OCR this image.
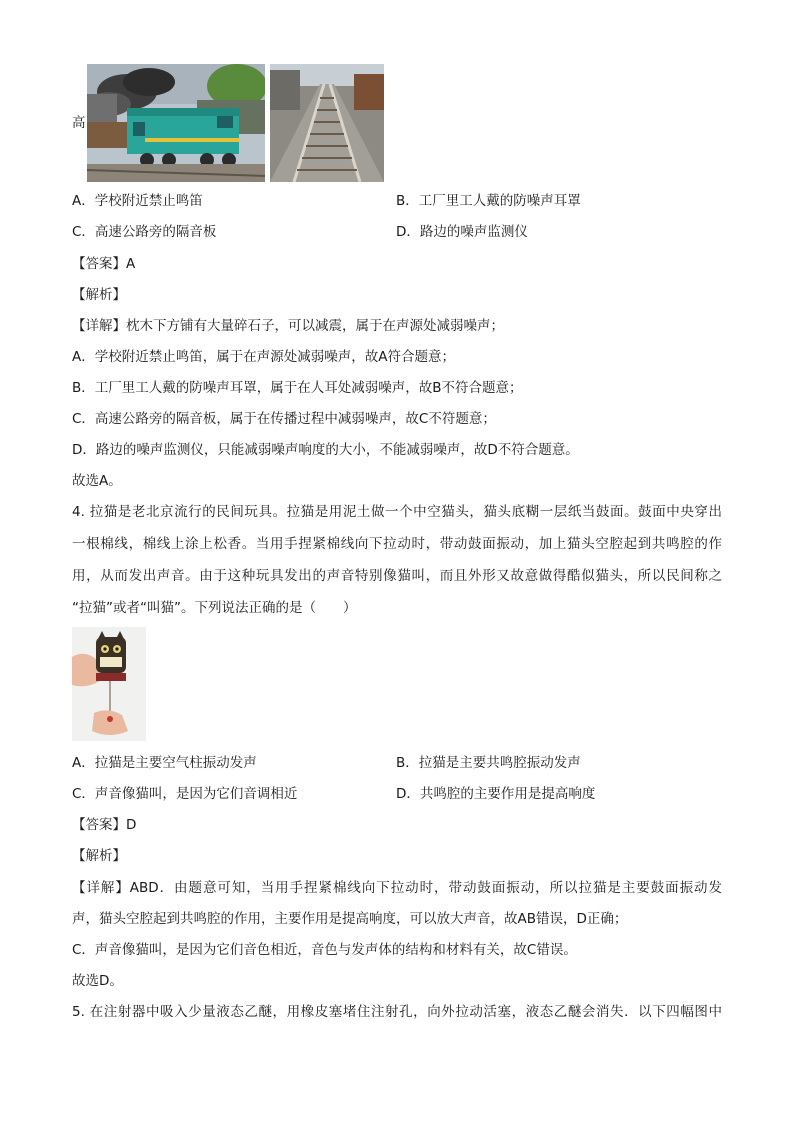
高
A．学校附近禁止鸣笛	B．工厂里工人戴的防噪声耳罩
C．高速公路旁的隔音板	D．路边的噪声监测仪
【答案】A
【解析】
【详解】枕木下方铺有大量碎石子，可以减震，属于在声源处减弱噪声；
A．学校附近禁止鸣笛，属于在声源处减弱噪声，故A符合题意；
B．工厂里工人戴的防噪声耳罩，属于在人耳处减弱噪声，故B不符合题意；
C．高速公路旁的隔音板，属于在传播过程中减弱噪声，故C不符题意；
D．路边的噪声监测仪，只能减弱噪声响度的大小，不能减弱噪声，故D不符合题意。
故选A。
4. 拉猫是老北京流行的民间玩具。拉猫是用泥土做一个中空猫头，猫头底糊一层纸当鼓面。鼓面中央穿出
一根棉线，棉线上涂上松香。当用手捏紧棉线向下拉动时，带动鼓面振动，加上猫头空腔起到共鸣腔的作
用，从而发出声音。由于这种玩具发出的声音特别像猫叫，而且外形又故意做得酷似猫头，所以民间称之
“拉猫”或者“叫猫”。下列说法正确的是（　　）
A．拉猫是主要空气柱振动发声	B．拉猫是主要共鸣腔振动发声
C．声音像猫叫，是因为它们音调相近	D．共鸣腔的主要作用是提高响度
【答案】D
【解析】
【详解】ABD．由题意可知，当用手捏紧棉线向下拉动时，带动鼓面振动，所以拉猫是主要鼓面振动发
声，猫头空腔起到共鸣腔的作用，主要作用是提高响度，可以放大声音，故AB错误，D正确；
C．声音像猫叫，是因为它们音色相近，音色与发声体的结构和材料有关，故C错误。
故选D。
5. 在注射器中吸入少量液态乙醚，用橡皮塞堵住注射孔，向外拉动活塞，液态乙醚会消失．以下四幅图中
